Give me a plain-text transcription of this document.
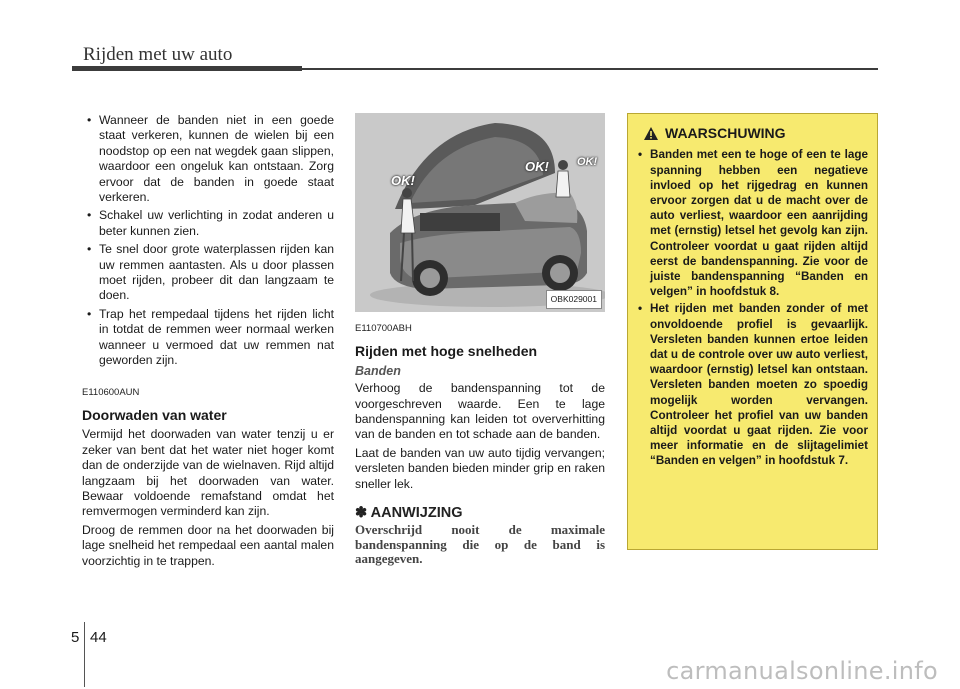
Rijden met uw auto
• Wanneer de banden niet in een goede staat verkeren, kunnen de wielen bij een noodstop op een nat wegdek gaan slippen, waardoor een ongeluk kan ontstaan. Zorg ervoor dat de banden in goede staat verkeren.
• Schakel uw verlichting in zodat anderen u beter kunnen zien.
• Te snel door grote waterplassen rijden kan uw remmen aantasten. Als u door plassen moet rijden, probeer dit dan langzaam te doen.
• Trap het rempedaal tijdens het rijden licht in totdat de remmen weer normaal werken wanneer u vermoed dat uw remmen nat geworden zijn.
E110600AUN
Doorwaden van water

Vermijd het doorwaden van water tenzij u er zeker van bent dat het water niet hoger komt dan de onderzijde van de wielnaven. Rijd altijd langzaam bij het doorwaden van water. Bewaar voldoende remafstand omdat het remvermogen verminderd kan zijn.

Droog de remmen door na het doorwaden bij lage snelheid het rempedaal een aantal malen voorzichtig in te trappen.

OK!
OK!	OK!
OBK029001
E110700ABH
Rijden met hoge snelheden
Banden

Verhoog de bandenspanning tot de voorgeschreven waarde. Een te lage bandenspanning kan leiden tot oververhitting van de banden en tot schade aan de banden.

Laat de banden van uw auto tijdig vervangen; versleten banden bieden minder grip en raken sneller lek.

✽ AANWIJZING
Overschrijd nooit de maximale bandenspanning die op de band is aangegeven.
WAARSCHUWING
• Banden met een te hoge of een te lage spanning hebben een negatieve invloed op het rijgedrag en kunnen ervoor zorgen dat u de macht over de auto verliest, waardoor een aanrijding met (ernstig) letsel het gevolg kan zijn. Controleer voordat u gaat rijden altijd eerst de bandenspanning. Zie voor de juiste bandenspanning “Banden en velgen” in hoofdstuk 8.
• Het rijden met banden zonder of met onvoldoende profiel is gevaarlijk. Versleten banden kunnen ertoe leiden dat u de controle over uw auto verliest, waardoor (ernstig) letsel kan ontstaan. Versleten banden moeten zo spoedig mogelijk worden vervangen. Controleer het profiel van uw banden altijd voordat u gaat rijden. Zie voor meer informatie en de slijtagelimiet “Banden en velgen” in hoofdstuk 7.
5 44
carmanualsonline.info
